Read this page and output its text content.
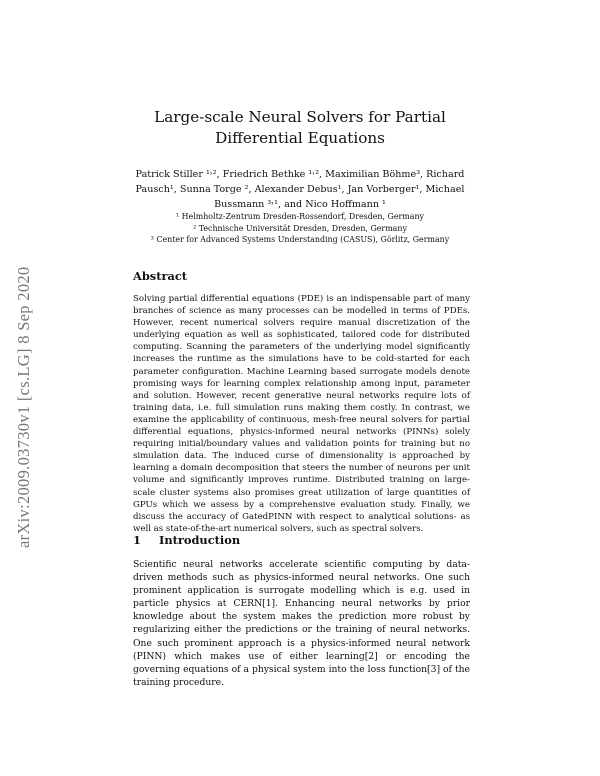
arXiv:2009.03730v1 [cs.LG] 8 Sep 2020
Large-scale Neural Solvers for Partial Differential Equations
Patrick Stiller ¹˒², Friedrich Bethke ¹˒², Maximilian Böhme³, Richard Pausch¹, Sunna Torge ², Alexander Debus¹, Jan Vorberger¹, Michael Bussmann ³˒¹, and Nico Hoffmann ¹
¹ Helmholtz-Zentrum Dresden-Rossendorf, Dresden, Germany
² Technische Universität Dresden, Dresden, Germany
³ Center for Advanced Systems Understanding (CASUS), Görlitz, Germany
Abstract
Solving partial differential equations (PDE) is an indispensable part of many branches of science as many processes can be modelled in terms of PDEs. However, recent numerical solvers require manual discretization of the underlying equation as well as sophisticated, tailored code for distributed computing. Scanning the parameters of the underlying model significantly increases the runtime as the simulations have to be cold-started for each parameter configuration. Machine Learning based surrogate models denote promising ways for learning complex relationship among input, parameter and solution. However, recent generative neural networks require lots of training data, i.e. full simulation runs making them costly. In contrast, we examine the applicability of continuous, mesh-free neural solvers for partial differential equations, physics-informed neural networks (PINNs) solely requiring initial/boundary values and validation points for training but no simulation data. The induced curse of dimensionality is approached by learning a domain decomposition that steers the number of neurons per unit volume and significantly improves runtime. Distributed training on large-scale cluster systems also promises great utilization of large quantities of GPUs which we assess by a comprehensive evaluation study. Finally, we discuss the accuracy of GatedPINN with respect to analytical solutions- as well as state-of-the-art numerical solvers, such as spectral solvers.
1 Introduction
Scientific neural networks accelerate scientific computing by data-driven methods such as physics-informed neural networks. One such prominent application is surrogate modelling which is e.g. used in particle physics at CERN[1]. Enhancing neural networks by prior knowledge about the system makes the prediction more robust by regularizing either the predictions or the training of neural networks. One such prominent approach is a physics-informed neural network (PINN) which makes use of either learning[2] or encoding the governing equations of a physical system into the loss function[3] of the training procedure.
